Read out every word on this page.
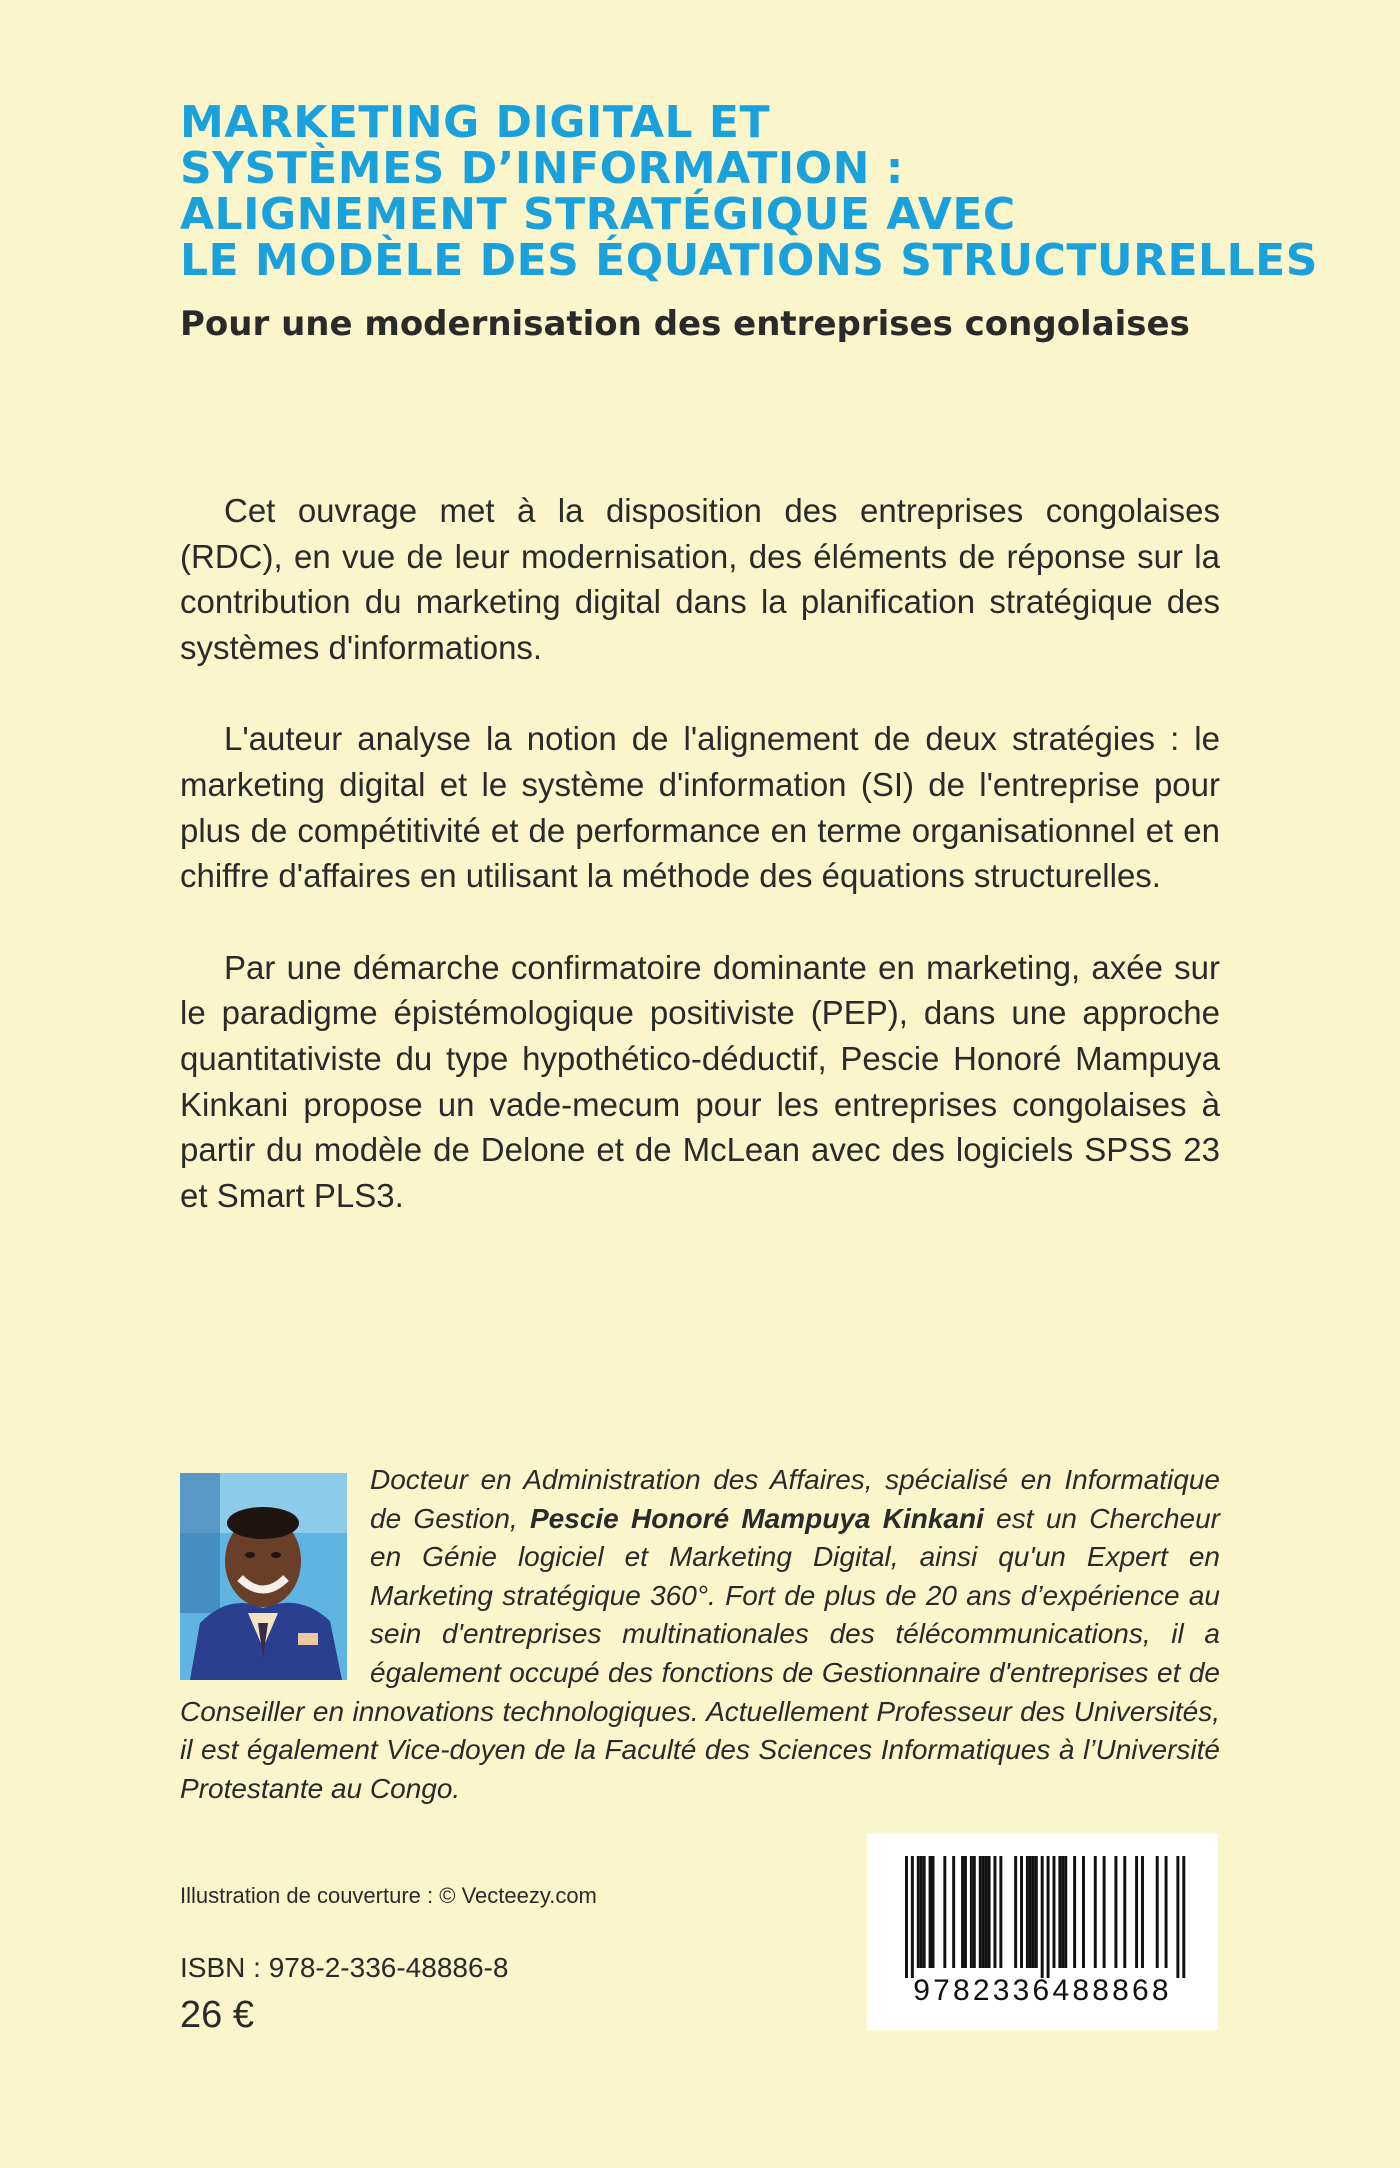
MARKETING DIGITAL ET
SYSTÈMES D’INFORMATION :
ALIGNEMENT STRATÉGIQUE AVEC
LE MODÈLE DES ÉQUATIONS STRUCTURELLES
Pour une modernisation des entreprises congolaises

Cet ouvrage met à la disposition des entreprises congolaises (RDC), en vue de leur modernisation, des éléments de réponse sur la contribution du marketing digital dans la planification stratégique des systèmes d'informations.

L'auteur analyse la notion de l'alignement de deux stratégies : le marketing digital et le système d'information (SI) de l'entreprise pour plus de compétitivité et de performance en terme organisationnel et en chiffre d'affaires en utilisant la méthode des équations structurelles.

Par une démarche confirmatoire dominante en marketing, axée sur le paradigme épistémologique positiviste (PEP), dans une approche quantitativiste du type hypothético-déductif, Pescie Honoré Mampuya Kinkani propose un vade-mecum pour les entreprises congolaises à partir du modèle de Delone et de McLean avec des logiciels SPSS 23 et Smart PLS3.

Docteur en Administration des Affaires, spécialisé en Informatique de Gestion, Pescie Honoré Mampuya Kinkani est un Chercheur en Génie logiciel et Marketing Digital, ainsi qu'un Expert en Marketing stratégique 360°. Fort de plus de 20 ans d’expérience au sein d'entreprises multinationales des télécommunications, il a également occupé des fonctions de Gestionnaire d'entreprises et de Conseiller en innovations technologiques. Actuellement Professeur des Universités, il est également Vice-doyen de la Faculté des Sciences Informatiques à l’Université Protestante au Congo.
Illustration de couverture : © Vecteezy.com
ISBN : 978-2-336-48886-8
26 €
9782336488868
